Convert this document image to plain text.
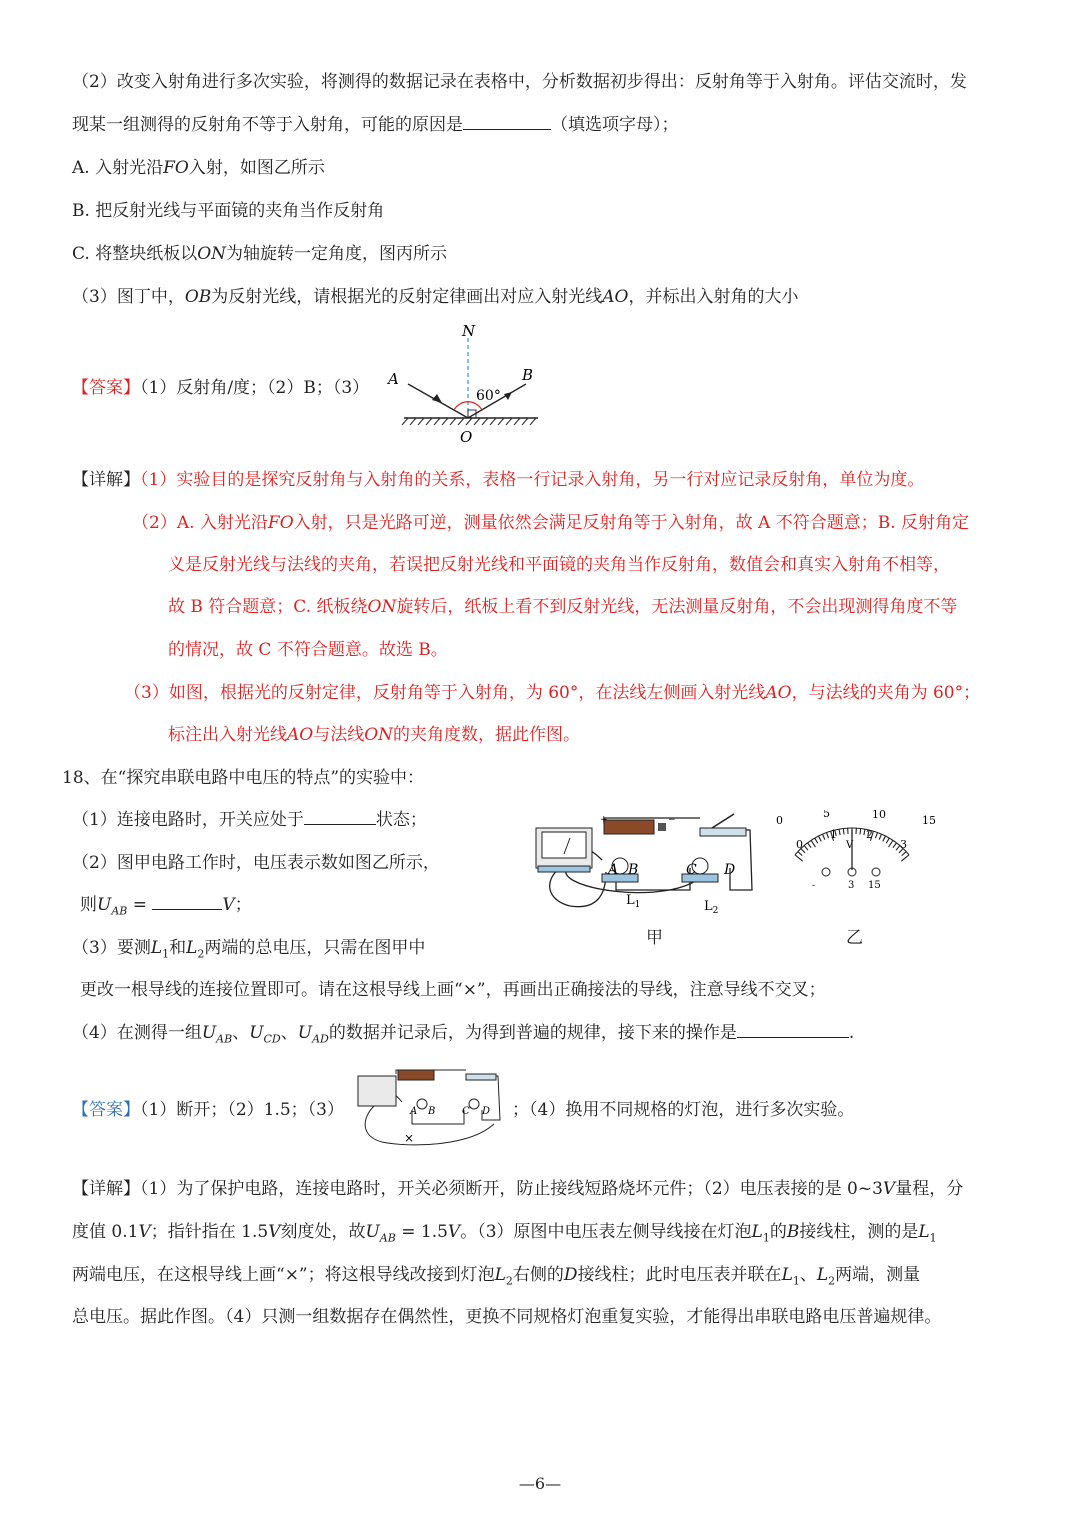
（2）改变入射角进行多次实验，将测得的数据记录在表格中，分析数据初步得出：反射角等于入射角。评估交流时，发
现某一组测得的反射角不等于入射角，可能的原因是	（填选项字母）；
A. 入射光沿FO入射，如图乙所示
B. 把反射光线与平面镜的夹角当作反射角
C. 将整块纸板以ON为轴旋转一定角度，图丙所示
（3）图丁中，OB为反射光线，请根据光的反射定律画出对应入射光线AO，并标出入射角的大小
【答案】（1）反射角/度；（2）B；（3）
N
60°
A	B
O
【详解】（1）实验目的是探究反射角与入射角的关系，表格一行记录入射角，另一行对应记录反射角，单位为度。
（2）A. 入射光沿FO入射，只是光路可逆，测量依然会满足反射角等于入射角，故 A 不符合题意；B. 反射角定
义是反射光线与法线的夹角，若误把反射光线和平面镜的夹角当作反射角，数值会和真实入射角不相等，
故 B 符合题意；C. 纸板绕ON旋转后，纸板上看不到反射光线，无法测量反射角，不会出现测得角度不等
的情况，故 C 不符合题意。故选 B。
（3）如图，根据光的反射定律，反射角等于入射角，为 60°，在法线左侧画入射光线AO，与法线的夹角为 60°；
标注出入射光线AO与法线ON的夹角度数，据此作图。
18、在“探究串联电路中电压的特点”的实验中：
（1）连接电路时，开关应处于	状态；
（2）图甲电路工作时，电压表示数如图乙所示，
则$U_{AB}$ =	V；
（3）要测$L_1$和$L_2$两端的总电压，只需在图甲中
更改一根导线的连接位置即可。请在这根导线上画“×”，再画出正确接法的导线，注意导线不交叉；
（4）在测得一组$U_{AB}$、$U_{CD}$、$U_{AD}$的数据并记录后，为得到普遍的规律，接下来的操作是	.
+	−
A B	C D
$L_1$	$L_2$
甲
0
5	10	15
0
1	2
3
V
-	3 15
乙
【答案】（1）断开；（2）1.5；（3）
×
A B	C D ；（4）换用不同规格的灯泡，进行多次实验。
【详解】（1）为了保护电路，连接电路时，开关必须断开，防止接线短路烧坏元件；（2）电压表接的是 0~3V量程，分
度值 0.1V；指针指在 1.5V刻度处，故$U_{AB} = 1.5V$。（3）原图中电压表左侧导线接在灯泡$L_1$的B接线柱，测的是$L_1$
两端电压，在这根导线上画“×”；将这根导线改接到灯泡$L_2$右侧的D接线柱；此时电压表并联在$L_1$、$L_2$两端，测量
总电压。据此作图。（4）只测一组数据存在偶然性，更换不同规格灯泡重复实验，才能得出串联电路电压普遍规律。
—6—
